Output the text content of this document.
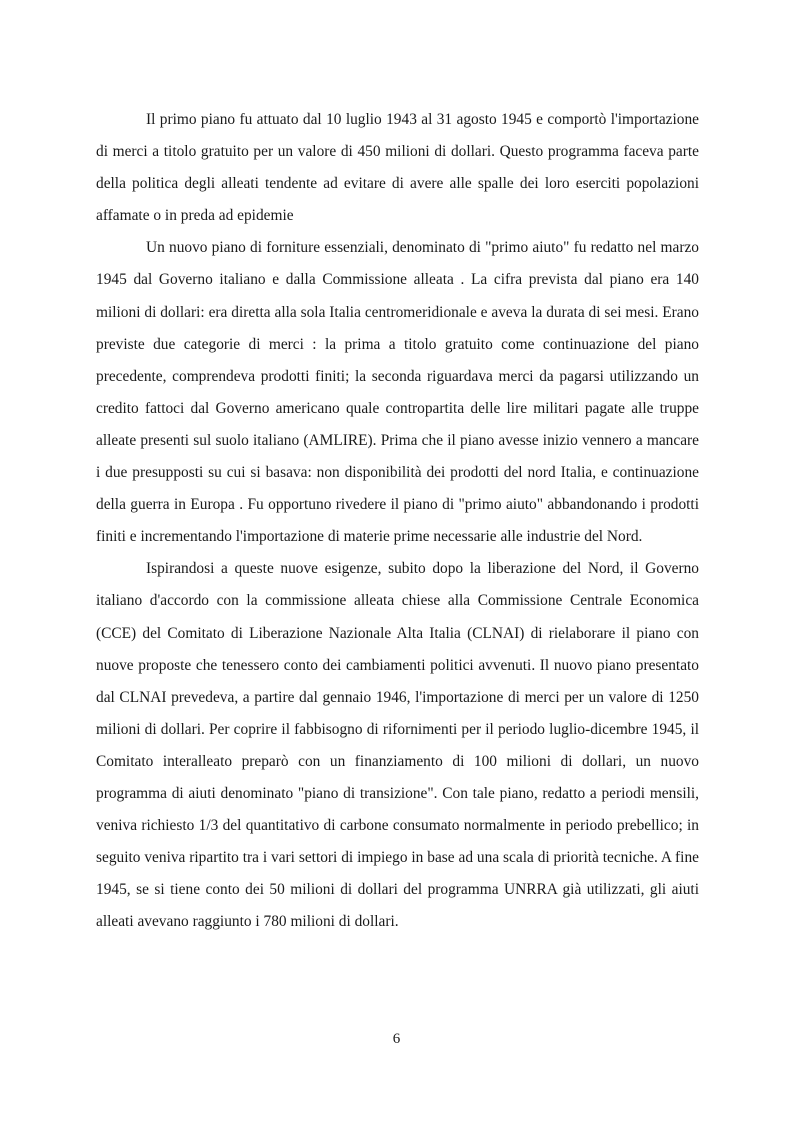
Il primo piano fu attuato dal 10 luglio 1943 al 31 agosto 1945 e comportò l'importazione di merci a titolo gratuito per un valore di 450 milioni di dollari. Questo programma faceva parte della politica degli alleati tendente ad evitare di avere alle spalle dei loro eserciti popolazioni affamate o in preda ad epidemie

Un nuovo piano di forniture essenziali, denominato di "primo aiuto" fu redatto nel marzo 1945 dal Governo italiano e dalla Commissione alleata . La cifra prevista dal piano era 140 milioni di dollari: era diretta alla sola Italia centromeridionale e aveva la durata di sei mesi. Erano previste due categorie di merci : la prima a titolo gratuito come continuazione del piano precedente, comprendeva prodotti finiti; la seconda riguardava merci da pagarsi utilizzando un credito fattoci dal Governo americano quale contropartita delle lire militari pagate alle truppe alleate presenti sul suolo italiano (AMLIRE). Prima che il piano avesse inizio vennero a mancare i due presupposti su cui si basava: non disponibilità dei prodotti del nord Italia, e continuazione della guerra in Europa . Fu opportuno rivedere il piano di "primo aiuto" abbandonando i prodotti finiti e incrementando l'importazione di materie prime necessarie alle industrie del Nord.

Ispirandosi a queste nuove esigenze, subito dopo la liberazione del Nord, il Governo italiano d'accordo con la commissione alleata chiese alla Commissione Centrale Economica (CCE) del Comitato di Liberazione Nazionale Alta Italia (CLNAI) di rielaborare il piano con nuove proposte che tenessero conto dei cambiamenti politici avvenuti. Il nuovo piano presentato dal CLNAI prevedeva, a partire dal gennaio 1946, l'importazione di merci per un valore di 1250 milioni di dollari. Per coprire il fabbisogno di rifornimenti per il periodo luglio-dicembre 1945, il Comitato interalleato preparò con un finanziamento di 100 milioni di dollari, un nuovo programma di aiuti denominato "piano di transizione". Con tale piano, redatto a periodi mensili, veniva richiesto 1/3 del quantitativo di carbone consumato normalmente in periodo prebellico; in seguito veniva ripartito tra i vari settori di impiego in base ad una scala di priorità tecniche. A fine 1945, se si tiene conto dei 50 milioni di dollari del programma UNRRA già utilizzati, gli aiuti alleati avevano raggiunto i 780 milioni di dollari.

6
